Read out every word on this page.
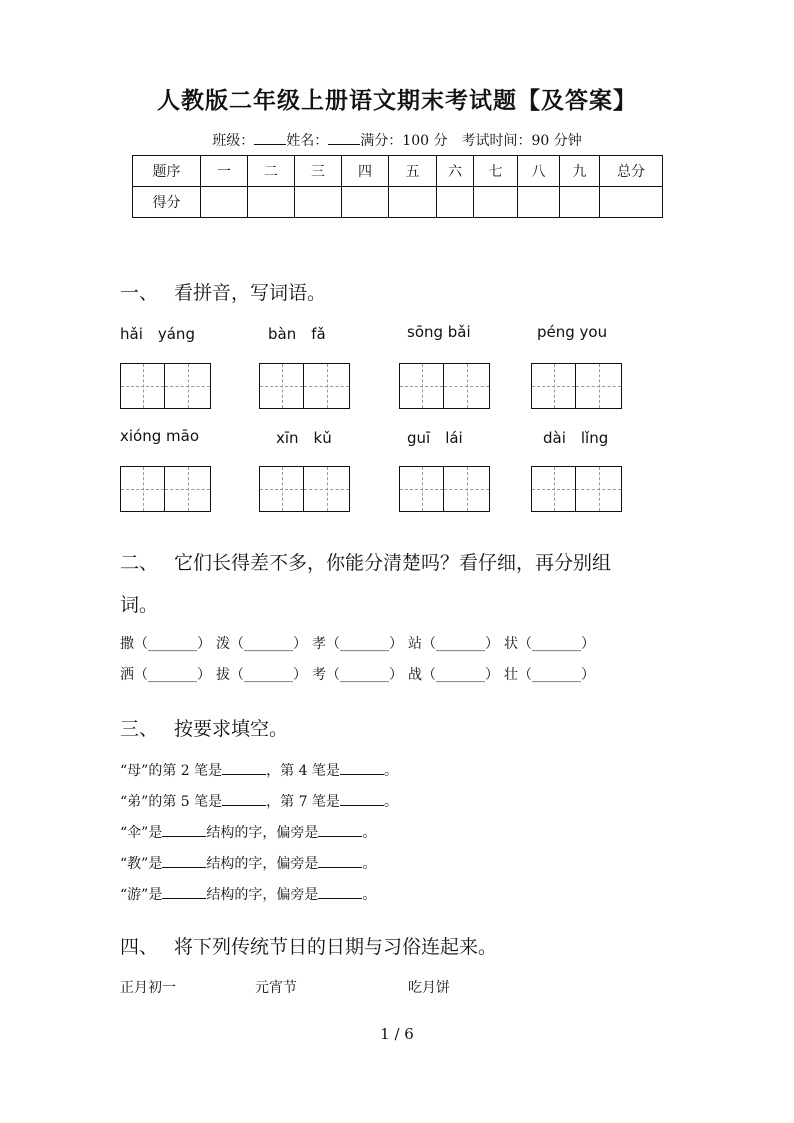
人教版二年级上册语文期末考试题【及答案】
班级： 姓名： 满分：100 分 考试时间：90 分钟
题序	一	二	三	四	五	六	七	八	九	总分
得分										
一、 看拼音，写词语。
hǎi　yáng	bàn　fǎ	sōng bǎi	péng you
xióng māo	xīn　kǔ	guī　lái	dài　lǐng
二、 它们长得差不多，你能分清楚吗？看仔细，再分别组
词。
撒（_______） 泼（_______） 孝（_______） 站（_______） 状（_______）
洒（_______） 拔（_______） 考（_______） 战（_______） 壮（_______）
三、 按要求填空。
“母”的第 2 笔是	，第 4 笔是	。
“弟”的第 5 笔是	，第 7 笔是	。
“伞”是	结构的字，偏旁是	。
“教”是	结构的字，偏旁是	。
“游”是	结构的字，偏旁是	。
四、 将下列传统节日的日期与习俗连起来。
正月初一	元宵节	吃月饼
1 / 6
